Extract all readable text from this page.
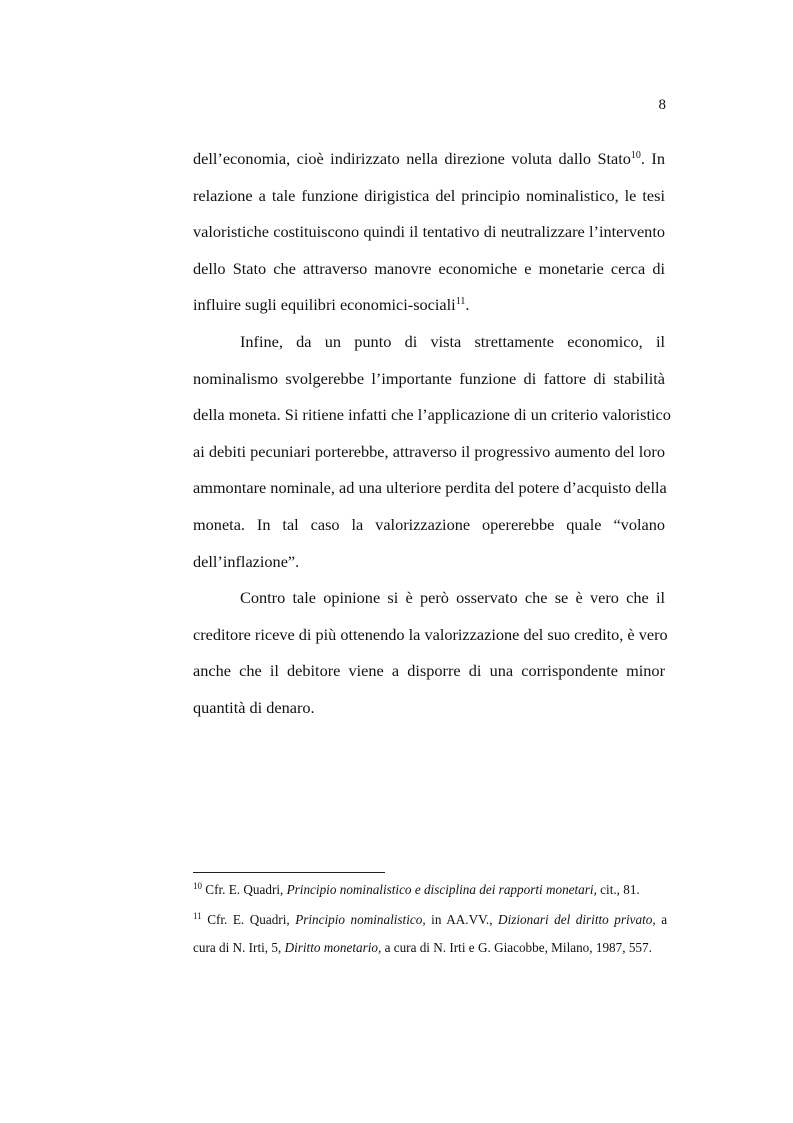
8

dell’economia, cioè indirizzato nella direzione voluta dallo Stato$^{10}$. In
relazione a tale funzione dirigistica del principio nominalistico, le tesi
valoristiche costituiscono quindi il tentativo di neutralizzare l’intervento
dello Stato che attraverso manovre economiche e monetarie cerca di
influire sugli equilibri economici-sociali$^{11}$.

Infine, da un punto di vista strettamente economico, il
nominalismo svolgerebbe l’importante funzione di fattore di stabilità
della moneta. Si ritiene infatti che l’applicazione di un criterio valoristico
ai debiti pecuniari porterebbe, attraverso il progressivo aumento del loro
ammontare nominale, ad una ulteriore perdita del potere d’acquisto della
moneta. In tal caso la valorizzazione opererebbe quale “volano
dell’inflazione”.

Contro tale opinione si è però osservato che se è vero che il
creditore riceve di più ottenendo la valorizzazione del suo credito, è vero
anche che il debitore viene a disporre di una corrispondente minor
quantità di denaro.

$^{10}$ Cfr. E. Quadri, Principio nominalistico e disciplina dei rapporti monetari, cit., 81.
$^{11}$ Cfr. E. Quadri, Principio nominalistico, in AA.VV., Dizionari del diritto privato, a
cura di N. Irti, 5, Diritto monetario, a cura di N. Irti e G. Giacobbe, Milano, 1987, 557.
